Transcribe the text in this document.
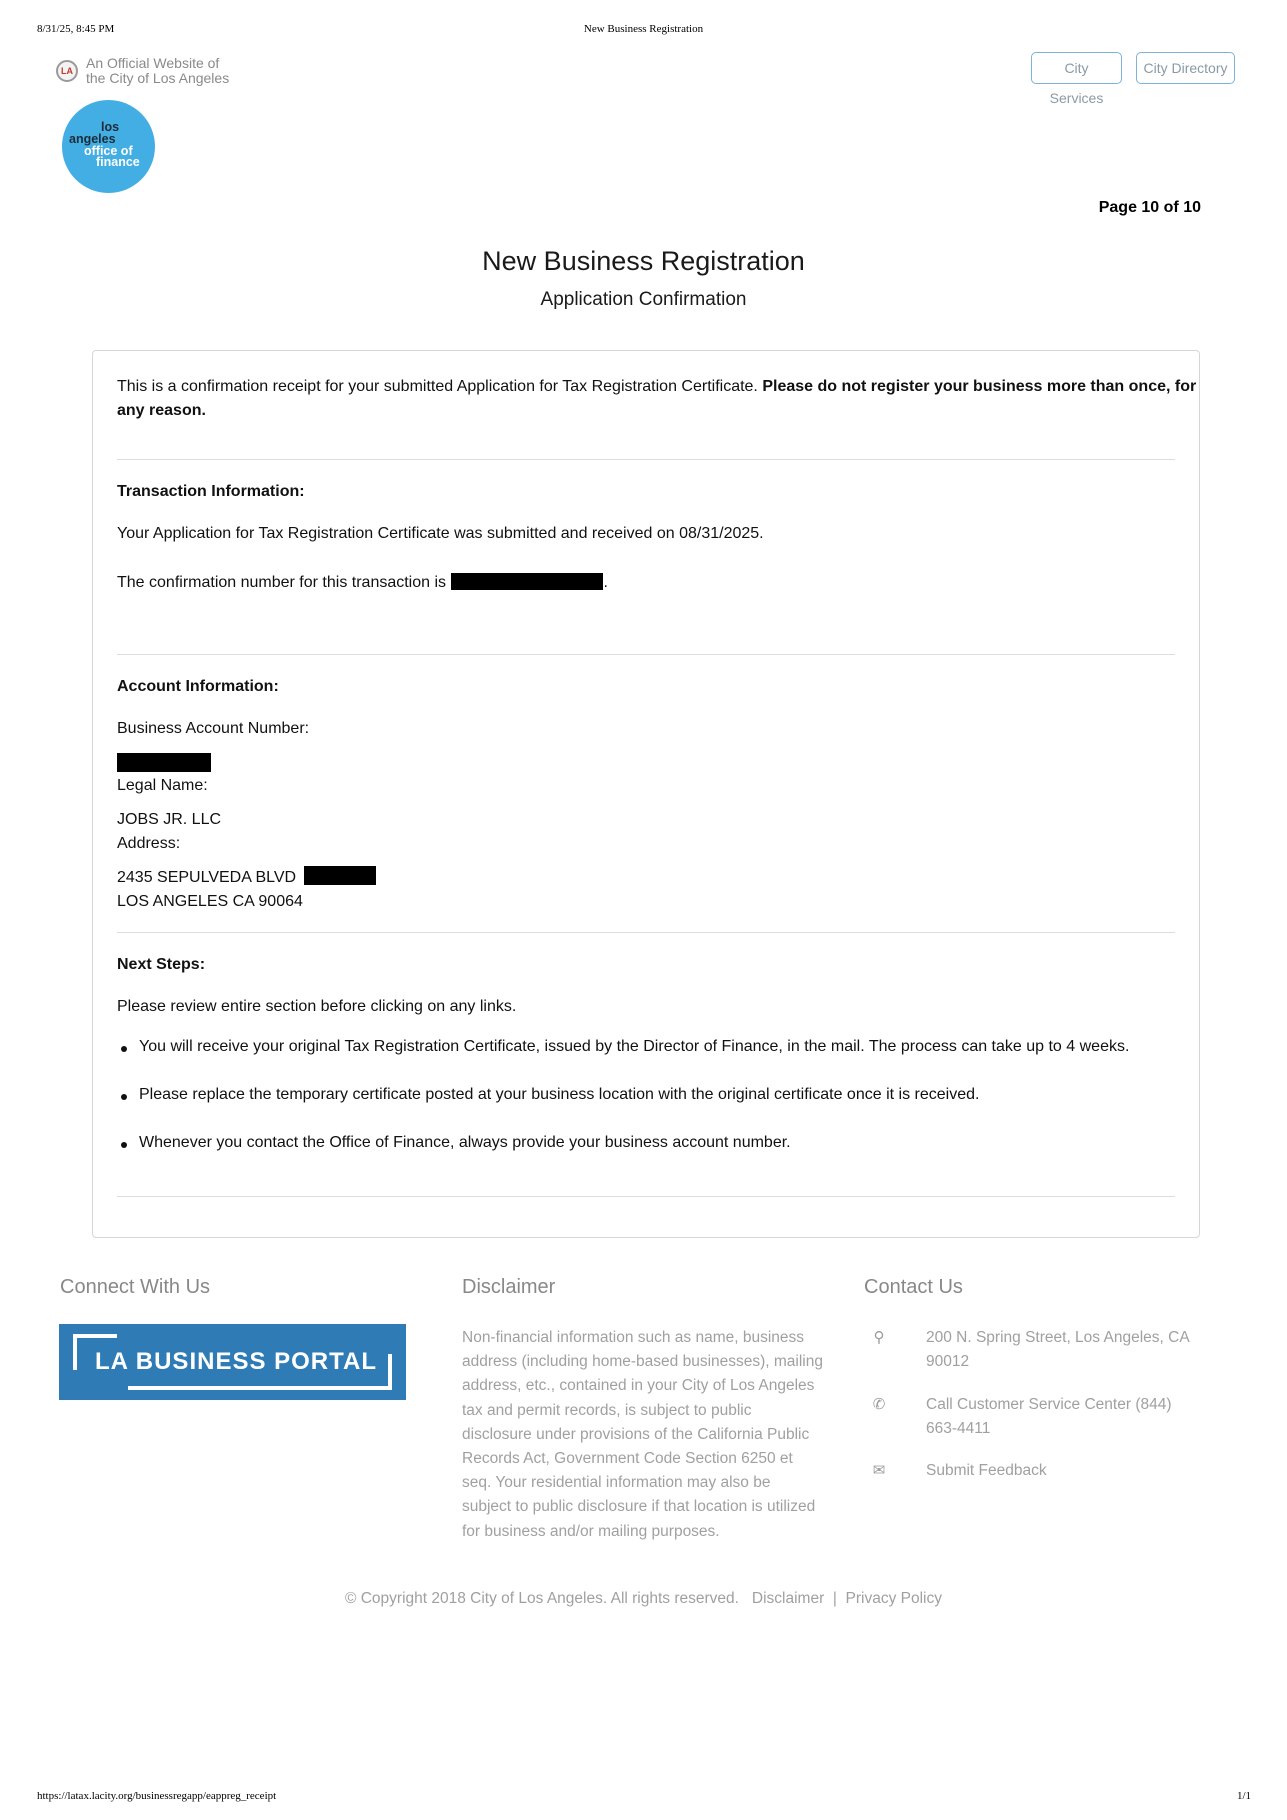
8/31/25, 8:45 PM	New Business Registration
LA An Official Website of
the City of Los Angeles
City Services
City Directory
los
angeles
office of
finance
Page 10 of 10
New Business Registration
Application Confirmation
This is a confirmation receipt for your submitted Application for Tax Registration Certificate. Please do not register your business more than once, for
any reason.
Transaction Information:
Your Application for Tax Registration Certificate was submitted and received on 08/31/2025.
The confirmation number for this transaction is	.
Account Information:
Business Account Number:
Legal Name:
JOBS JR. LLC
Address:
2435 SEPULVEDA BLVD
LOS ANGELES CA 90064
Next Steps:
Please review entire section before clicking on any links.
You will receive your original Tax Registration Certificate, issued by the Director of Finance, in the mail. The process can take up to 4 weeks.
Please replace the temporary certificate posted at your business location with the original certificate once it is received.
Whenever you contact the Office of Finance, always provide your business account number.
Connect With Us
LA BUSINESS PORTAL
Disclaimer
Non-financial information such as name, business
address (including home-based businesses), mailing
address, etc., contained in your City of Los Angeles
tax and permit records, is subject to public
disclosure under provisions of the California Public
Records Act, Government Code Section 6250 et
seq. Your residential information may also be
subject to public disclosure if that location is utilized
for business and/or mailing purposes.
Contact Us
⚲	200 N. Spring Street, Los Angeles, CA
90012
✆	Call Customer Service Center (844)
663-4411
✉	Submit Feedback
© Copyright 2018 City of Los Angeles. All rights reserved. Disclaimer | Privacy Policy
https://latax.lacity.org/businessregapp/eappreg_receipt	1/1
